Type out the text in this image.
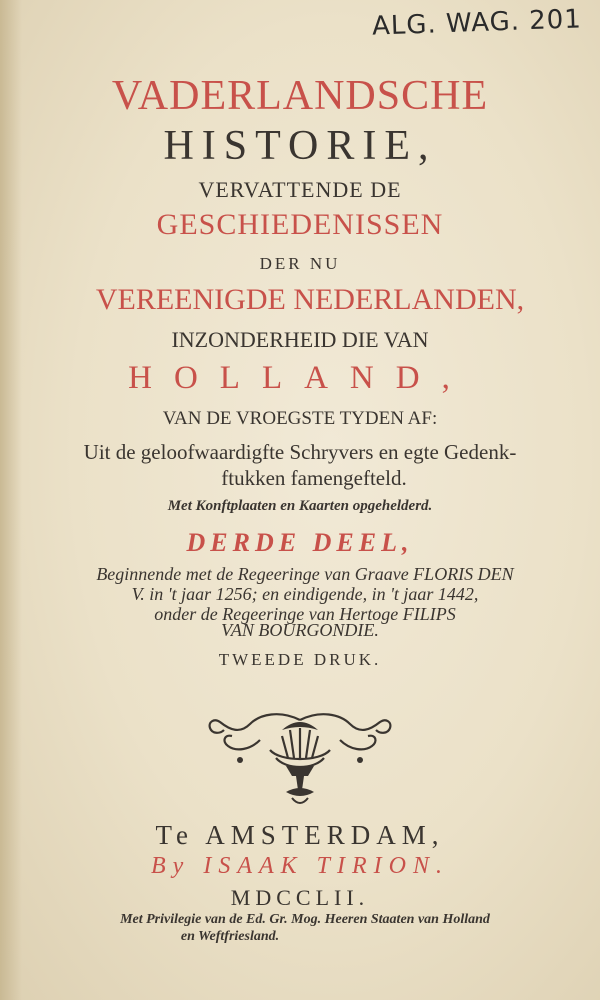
ALG. WAG. 201
VADERLANDSCHE
HISTORIE,
VERVATTENDE DE
GESCHIEDENISSEN
DER NU
VEREENIGDE NEDERLANDEN,
INZONDERHEID DIE VAN
HOLLAND,
VAN DE VROEGSTE TYDEN AF:
Uit de geloofwaardigfte Schryvers en egte Gedenk-
ftukken famengefteld.
Met Konftplaaten en Kaarten opgehelderd.
DERDE DEEL,
Beginnende met de Regeeringe van Graave FLORIS DEN
V. in 't jaar 1256; en eindigende, in 't jaar 1442,
onder de Regeeringe van Hertoge FILIPS
VAN BOURGONDIE.
TWEEDE DRUK.
Te AMSTERDAM,
By ISAAK TIRION.
MDCCLII.
Met Privilegie van de Ed. Gr. Mog. Heeren Staaten van Holland
en Weftfriesland.
